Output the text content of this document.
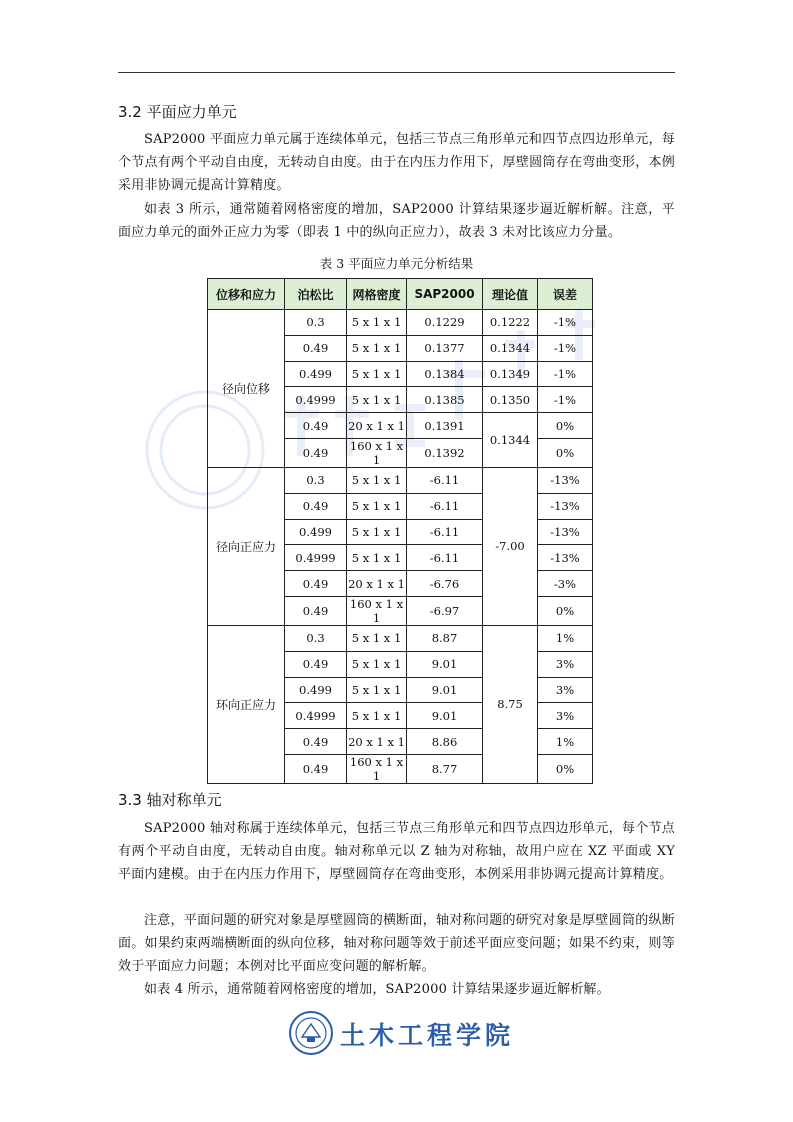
3.2 平面应力单元
SAP2000 平面应力单元属于连续体单元，包括三节点三角形单元和四节点四边形单元，每个节点有两个平动自由度，无转动自由度。由于在内压力作用下，厚壁圆筒存在弯曲变形，本例采用非协调元提高计算精度。
如表 3 所示，通常随着网格密度的增加，SAP2000 计算结果逐步逼近解析解。注意，平面应力单元的面外正应力为零（即表 1 中的纵向正应力），故表 3 未对比该应力分量。
表 3 平面应力单元分析结果
位移和应力	泊松比	网格密度	SAP2000	理论值	误差
径向位移	0.3	5 x 1 x 1	0.1229	0.1222	-1%
	0.49	5 x 1 x 1	0.1377	0.1344	-1%
	0.499	5 x 1 x 1	0.1384	0.1349	-1%
	0.4999	5 x 1 x 1	0.1385	0.1350	-1%
	0.49	20 x 1 x 1	0.1391	0.1344	0%
	0.49	160 x 1 x 1	0.1392		0%
径向正应力	0.3	5 x 1 x 1	-6.11	-7.00	-13%
	0.49	5 x 1 x 1	-6.11		-13%
	0.499	5 x 1 x 1	-6.11		-13%
	0.4999	5 x 1 x 1	-6.11		-13%
	0.49	20 x 1 x 1	-6.76		-3%
	0.49	160 x 1 x 1	-6.97		0%
环向正应力	0.3	5 x 1 x 1	8.87	8.75	1%
	0.49	5 x 1 x 1	9.01		3%
	0.499	5 x 1 x 1	9.01		3%
	0.4999	5 x 1 x 1	9.01		3%
	0.49	20 x 1 x 1	8.86		1%
	0.49	160 x 1 x 1	8.77		0%
3.3 轴对称单元
SAP2000 轴对称属于连续体单元，包括三节点三角形单元和四节点四边形单元，每个节点有两个平动自由度，无转动自由度。轴对称单元以 Z 轴为对称轴，故用户应在 XZ 平面或 XY 平面内建模。由于在内压力作用下，厚壁圆筒存在弯曲变形，本例采用非协调元提高计算精度。
注意，平面问题的研究对象是厚壁圆筒的横断面，轴对称问题的研究对象是厚壁圆筒的纵断面。如果约束两端横断面的纵向位移，轴对称问题等效于前述平面应变问题；如果不约束，则等效于平面应力问题；本例对比平面应变问题的解析解。
如表 4 所示，通常随着网格密度的增加，SAP2000 计算结果逐步逼近解析解。
土木工程学院
